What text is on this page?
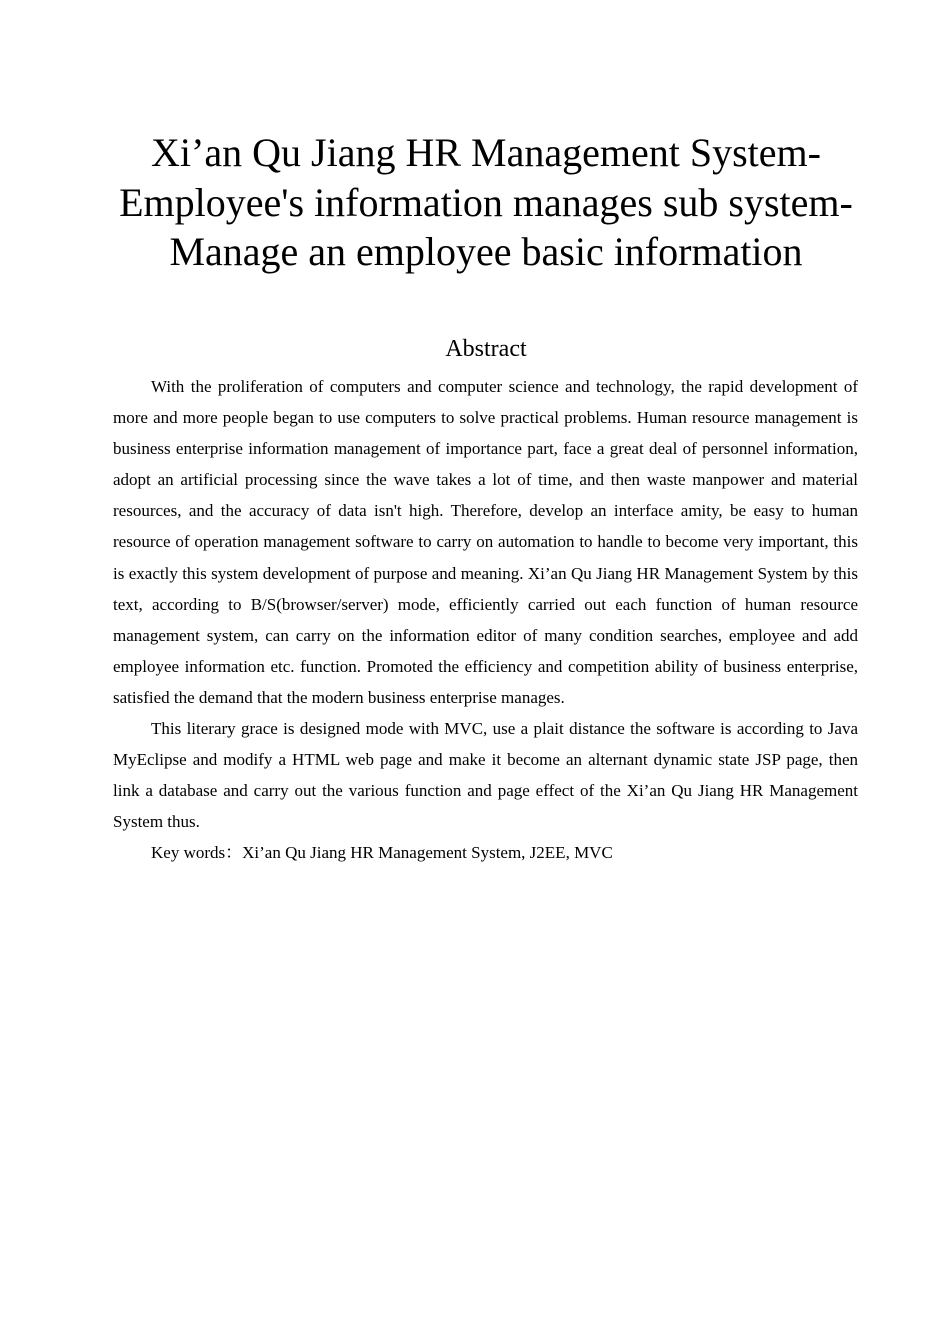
Xi’an Qu Jiang HR Management System-Employee's information manages sub system-Manage an employee basic information
Abstract

With the proliferation of computers and computer science and technology, the rapid development of more and more people began to use computers to solve practical problems. Human resource management is business enterprise information management of importance part, face a great deal of personnel information, adopt an artificial processing since the wave takes a lot of time, and then waste manpower and material resources, and the accuracy of data isn't high. Therefore, develop an interface amity, be easy to human resource of operation management software to carry on automation to handle to become very important, this is exactly this system development of purpose and meaning. Xi’an Qu Jiang HR Management System by this text, according to B/S(browser/server) mode, efficiently carried out each function of human resource management system, can carry on the information editor of many condition searches, employee and add employee information etc. function. Promoted the efficiency and competition ability of business enterprise, satisfied the demand that the modern business enterprise manages.

This literary grace is designed mode with MVC, use a plait distance the software is according to Java MyEclipse and modify a HTML web page and make it become an alternant dynamic state JSP page, then link a database and carry out the various function and page effect of the Xi’an Qu Jiang HR Management System thus.

Key words：Xi’an Qu Jiang HR Management System, J2EE, MVC
